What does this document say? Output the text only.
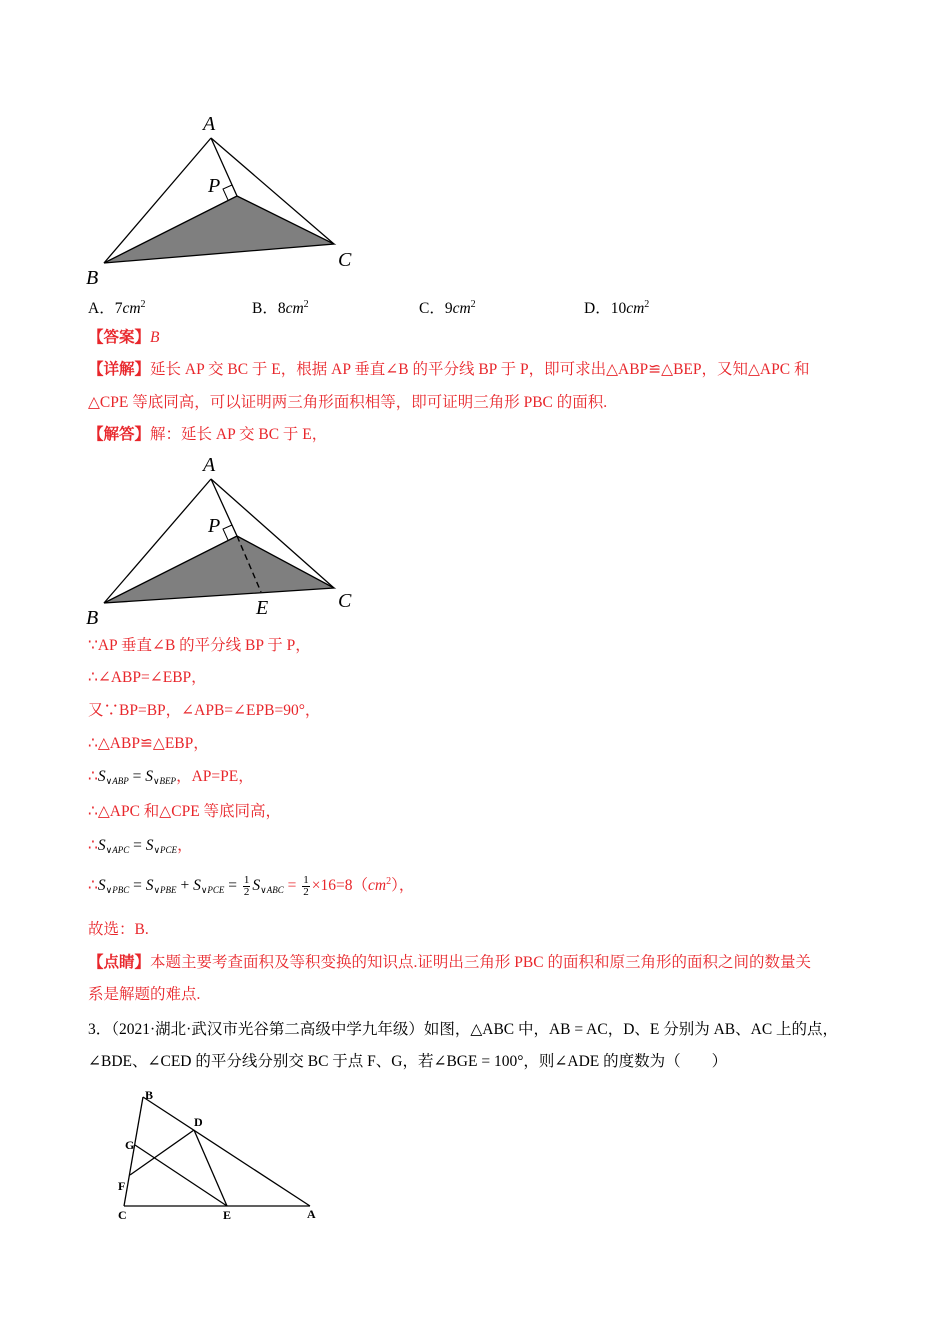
A
P
B
C
A．$7cm^2$	B．$8cm^2$	C．$9cm^2$	D．$10cm^2$
【答案】B
【详解】延长 AP 交 BC 于 E，根据 AP 垂直∠B 的平分线 BP 于 P，即可求出△ABP≌△BEP，又知△APC 和
△CPE 等底同高，可以证明两三角形面积相等，即可证明三角形 PBC 的面积.
【解答】解：延长 AP 交 BC 于 E，
A
P
B	E	C
∵AP 垂直∠B 的平分线 BP 于 P，
∴∠ABP=∠EBP，
又∵BP=BP，∠APB=∠EPB=90°，
∴△ABP≌△EBP，
$\therefore S_{\vee ABP} = S_{\vee BEP}$，AP=PE，
∴△APC 和△CPE 等底同高，
$\therefore S_{\vee APC} = S_{\vee PCE}$，
$\therefore S_{\vee PBC} = S_{\vee PBE} + S_{\vee PCE} = \frac{1}{2} S_{\vee ABC} = \frac{1}{2} \times 16=8(cm^2)$，
故选：B.
【点睛】本题主要考查面积及等积变换的知识点.证明出三角形 PBC 的面积和原三角形的面积之间的数量关
系是解题的难点.
3．（2021·湖北·武汉市光谷第二高级中学九年级）如图，△ABC 中，AB = AC，D、E 分别为 AB、AC 上的点，
∠BDE、∠CED 的平分线分别交 BC 于点 F、G，若∠BGE = 100°，则∠ADE 的度数为（　　）
B
D
G
F
C	E	A
